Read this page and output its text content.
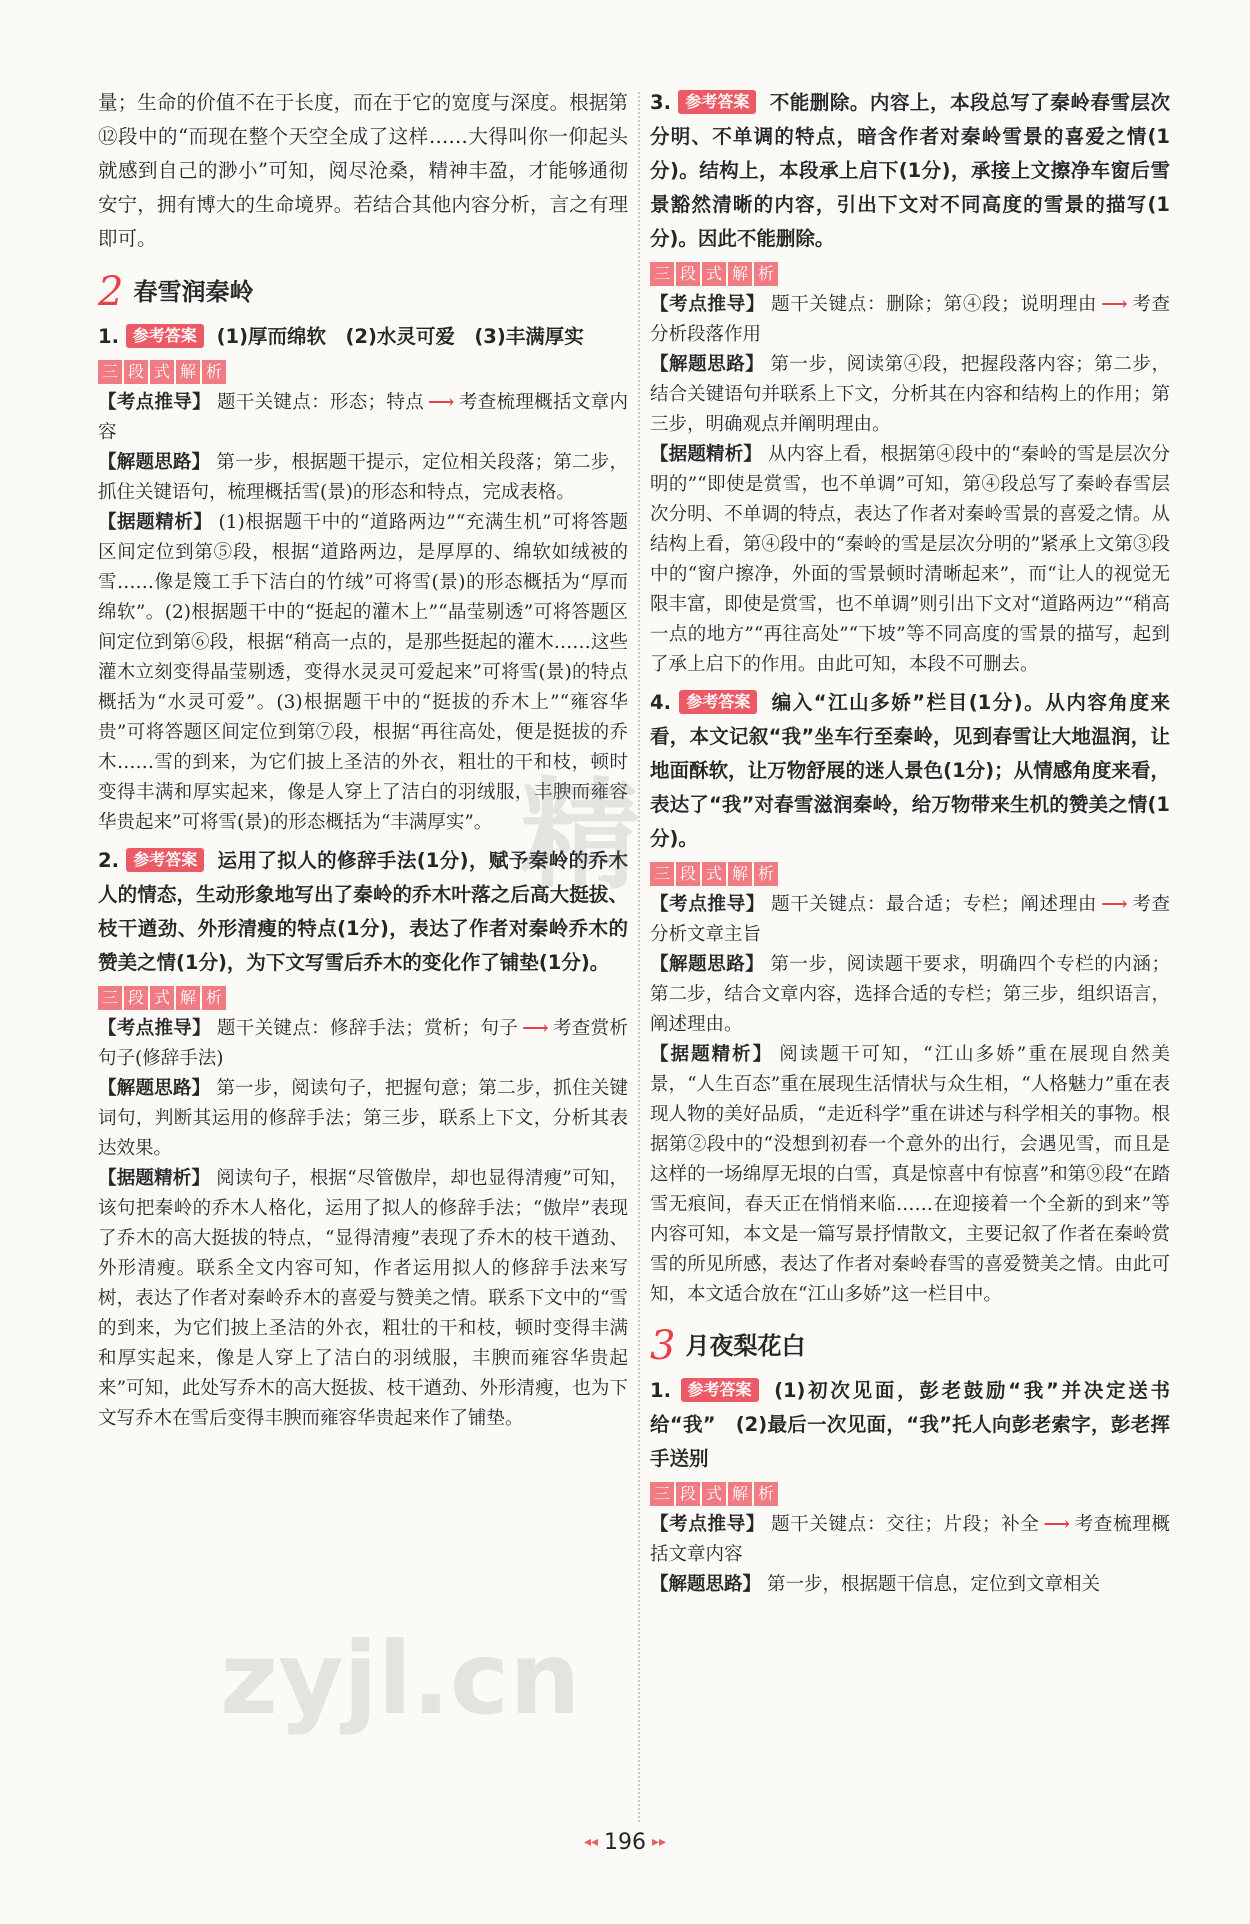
量；生命的价值不在于长度，而在于它的宽度与深度。根据第⑫段中的“而现在整个天空全成了这样……大得叫你一仰起头就感到自己的渺小”可知，阅尽沧桑，精神丰盈，才能够通彻安宁，拥有博大的生命境界。若结合其他内容分析，言之有理即可。

2 春雪润秦岭

1. 参考答案 (1)厚而绵软　(2)水灵可爱　(3)丰满厚实

三 段 式 解 析

【考点推导】 题干关键点：形态；特点 ⟶ 考查梳理概括文章内容

【解题思路】 第一步，根据题干提示，定位相关段落；第二步，抓住关键语句，梳理概括雪(景)的形态和特点，完成表格。

【据题精析】 (1)根据题干中的“道路两边”“充满生机”可将答题区间定位到第⑤段，根据“道路两边，是厚厚的、绵软如绒被的雪……像是篾工手下洁白的竹绒”可将雪(景)的形态概括为“厚而绵软”。(2)根据题干中的“挺起的灌木上”“晶莹剔透”可将答题区间定位到第⑥段，根据“稍高一点的，是那些挺起的灌木……这些灌木立刻变得晶莹剔透，变得水灵灵可爱起来”可将雪(景)的特点概括为“水灵可爱”。(3)根据题干中的“挺拔的乔木上”“雍容华贵”可将答题区间定位到第⑦段，根据“再往高处，便是挺拔的乔木……雪的到来，为它们披上圣洁的外衣，粗壮的干和枝，顿时变得丰满和厚实起来，像是人穿上了洁白的羽绒服，丰腴而雍容华贵起来”可将雪(景)的形态概括为“丰满厚实”。

2. 参考答案 运用了拟人的修辞手法(1分)，赋予秦岭的乔木人的情态，生动形象地写出了秦岭的乔木叶落之后高大挺拔、枝干遒劲、外形清瘦的特点(1分)，表达了作者对秦岭乔木的赞美之情(1分)，为下文写雪后乔木的变化作了铺垫(1分)。

三 段 式 解 析

【考点推导】 题干关键点：修辞手法；赏析；句子 ⟶ 考查赏析句子(修辞手法)

【解题思路】 第一步，阅读句子，把握句意；第二步，抓住关键词句，判断其运用的修辞手法；第三步，联系上下文，分析其表达效果。

【据题精析】 阅读句子，根据“尽管傲岸，却也显得清瘦”可知，该句把秦岭的乔木人格化，运用了拟人的修辞手法；“傲岸”表现了乔木的高大挺拔的特点，“显得清瘦”表现了乔木的枝干遒劲、外形清瘦。联系全文内容可知，作者运用拟人的修辞手法来写树，表达了作者对秦岭乔木的喜爱与赞美之情。联系下文中的“雪的到来，为它们披上圣洁的外衣，粗壮的干和枝，顿时变得丰满和厚实起来，像是人穿上了洁白的羽绒服，丰腴而雍容华贵起来”可知，此处写乔木的高大挺拔、枝干遒劲、外形清瘦，也为下文写乔木在雪后变得丰腴而雍容华贵起来作了铺垫。

3. 参考答案 不能删除。内容上，本段总写了秦岭春雪层次分明、不单调的特点，暗含作者对秦岭雪景的喜爱之情(1分)。结构上，本段承上启下(1分)，承接上文擦净车窗后雪景豁然清晰的内容，引出下文对不同高度的雪景的描写(1分)。因此不能删除。

三 段 式 解 析

【考点推导】 题干关键点：删除；第④段；说明理由 ⟶ 考查分析段落作用

【解题思路】 第一步，阅读第④段，把握段落内容；第二步，结合关键语句并联系上下文，分析其在内容和结构上的作用；第三步，明确观点并阐明理由。

【据题精析】 从内容上看，根据第④段中的“秦岭的雪是层次分明的”“即使是赏雪，也不单调”可知，第④段总写了秦岭春雪层次分明、不单调的特点，表达了作者对秦岭雪景的喜爱之情。从结构上看，第④段中的“秦岭的雪是层次分明的”紧承上文第③段中的“窗户擦净，外面的雪景顿时清晰起来”，而“让人的视觉无限丰富，即使是赏雪，也不单调”则引出下文对“道路两边”“稍高一点的地方”“再往高处”“下坡”等不同高度的雪景的描写，起到了承上启下的作用。由此可知，本段不可删去。

4. 参考答案 编入“江山多娇”栏目(1分)。从内容角度来看，本文记叙“我”坐车行至秦岭，见到春雪让大地温润，让地面酥软，让万物舒展的迷人景色(1分)；从情感角度来看，表达了“我”对春雪滋润秦岭，给万物带来生机的赞美之情(1分)。

三 段 式 解 析

【考点推导】 题干关键点：最合适；专栏；阐述理由 ⟶ 考查分析文章主旨

【解题思路】 第一步，阅读题干要求，明确四个专栏的内涵；第二步，结合文章内容，选择合适的专栏；第三步，组织语言，阐述理由。

【据题精析】 阅读题干可知，“江山多娇”重在展现自然美景，“人生百态”重在展现生活情状与众生相，“人格魅力”重在表现人物的美好品质，“走近科学”重在讲述与科学相关的事物。根据第②段中的“没想到初春一个意外的出行，会遇见雪，而且是这样的一场绵厚无垠的白雪，真是惊喜中有惊喜”和第⑨段“在踏雪无痕间，春天正在悄悄来临……在迎接着一个全新的到来”等内容可知，本文是一篇写景抒情散文，主要记叙了作者在秦岭赏雪的所见所感，表达了作者对秦岭春雪的喜爱赞美之情。由此可知，本文适合放在“江山多娇”这一栏目中。

3 月夜梨花白

1. 参考答案 (1)初次见面，彭老鼓励“我”并决定送书给“我”　(2)最后一次见面，“我”托人向彭老索字，彭老挥手送别

三 段 式 解 析

【考点推导】 题干关键点：交往；片段；补全 ⟶ 考查梳理概括文章内容

【解题思路】 第一步，根据题干信息，定位到文章相关

精
zyjl.cn
◂◂ 196 ▸▸
